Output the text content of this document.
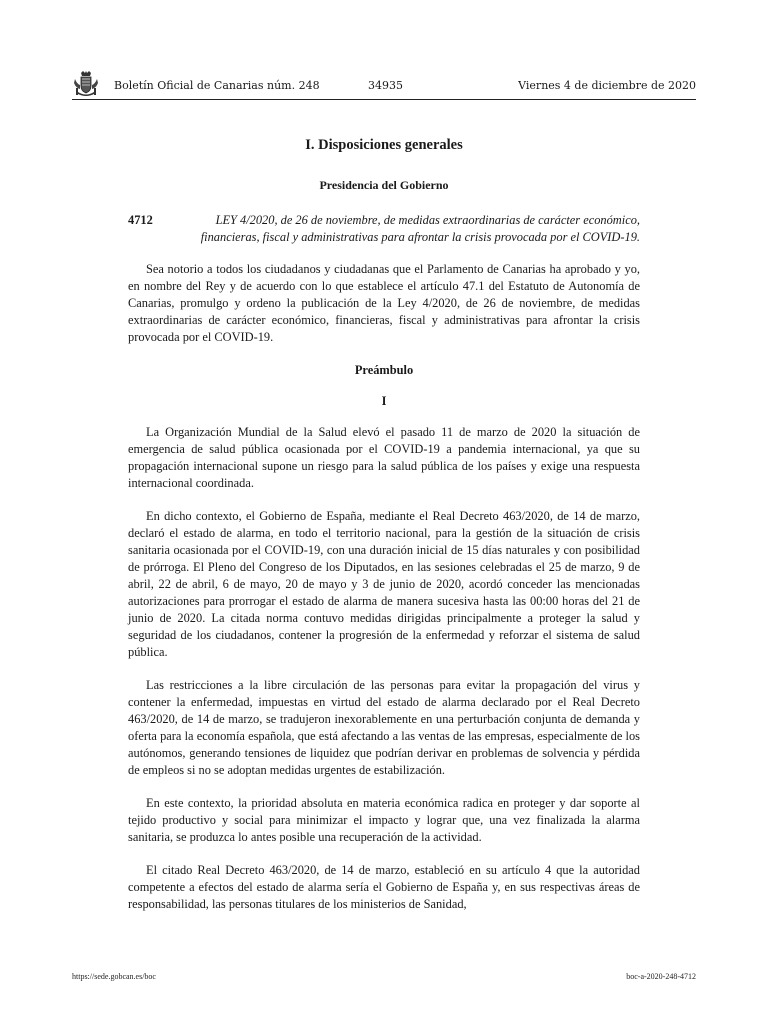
Boletín Oficial de Canarias núm. 248	34935	Viernes 4 de diciembre de 2020
I. Disposiciones generales
Presidencia del Gobierno
4712	LEY 4/2020, de 26 de noviembre, de medidas extraordinarias de carácter económico, financieras, fiscal y administrativas para afrontar la crisis provocada por el COVID-19.

Sea notorio a todos los ciudadanos y ciudadanas que el Parlamento de Canarias ha aprobado y yo, en nombre del Rey y de acuerdo con lo que establece el artículo 47.1 del Estatuto de Autonomía de Canarias, promulgo y ordeno la publicación de la Ley 4/2020, de 26 de noviembre, de medidas extraordinarias de carácter económico, financieras, fiscal y administrativas para afrontar la crisis provocada por el COVID-19.

Preámbulo
I

La Organización Mundial de la Salud elevó el pasado 11 de marzo de 2020 la situación de emergencia de salud pública ocasionada por el COVID-19 a pandemia internacional, ya que su propagación internacional supone un riesgo para la salud pública de los países y exige una respuesta internacional coordinada.

En dicho contexto, el Gobierno de España, mediante el Real Decreto 463/2020, de 14 de marzo, declaró el estado de alarma, en todo el territorio nacional, para la gestión de la situación de crisis sanitaria ocasionada por el COVID-19, con una duración inicial de 15 días naturales y con posibilidad de prórroga. El Pleno del Congreso de los Diputados, en las sesiones celebradas el 25 de marzo, 9 de abril, 22 de abril, 6 de mayo, 20 de mayo y 3 de junio de 2020, acordó conceder las mencionadas autorizaciones para prorrogar el estado de alarma de manera sucesiva hasta las 00:00 horas del 21 de junio de 2020. La citada norma contuvo medidas dirigidas principalmente a proteger la salud y seguridad de los ciudadanos, contener la progresión de la enfermedad y reforzar el sistema de salud pública.

Las restricciones a la libre circulación de las personas para evitar la propagación del virus y contener la enfermedad, impuestas en virtud del estado de alarma declarado por el Real Decreto 463/2020, de 14 de marzo, se tradujeron inexorablemente en una perturbación conjunta de demanda y oferta para la economía española, que está afectando a las ventas de las empresas, especialmente de los autónomos, generando tensiones de liquidez que podrían derivar en problemas de solvencia y pérdida de empleos si no se adoptan medidas urgentes de estabilización.

En este contexto, la prioridad absoluta en materia económica radica en proteger y dar soporte al tejido productivo y social para minimizar el impacto y lograr que, una vez finalizada la alarma sanitaria, se produzca lo antes posible una recuperación de la actividad.

El citado Real Decreto 463/2020, de 14 de marzo, estableció en su artículo 4 que la autoridad competente a efectos del estado de alarma sería el Gobierno de España y, en sus respectivas áreas de responsabilidad, las personas titulares de los ministerios de Sanidad,

https://sede.gobcan.es/boc	boc-a-2020-248-4712
